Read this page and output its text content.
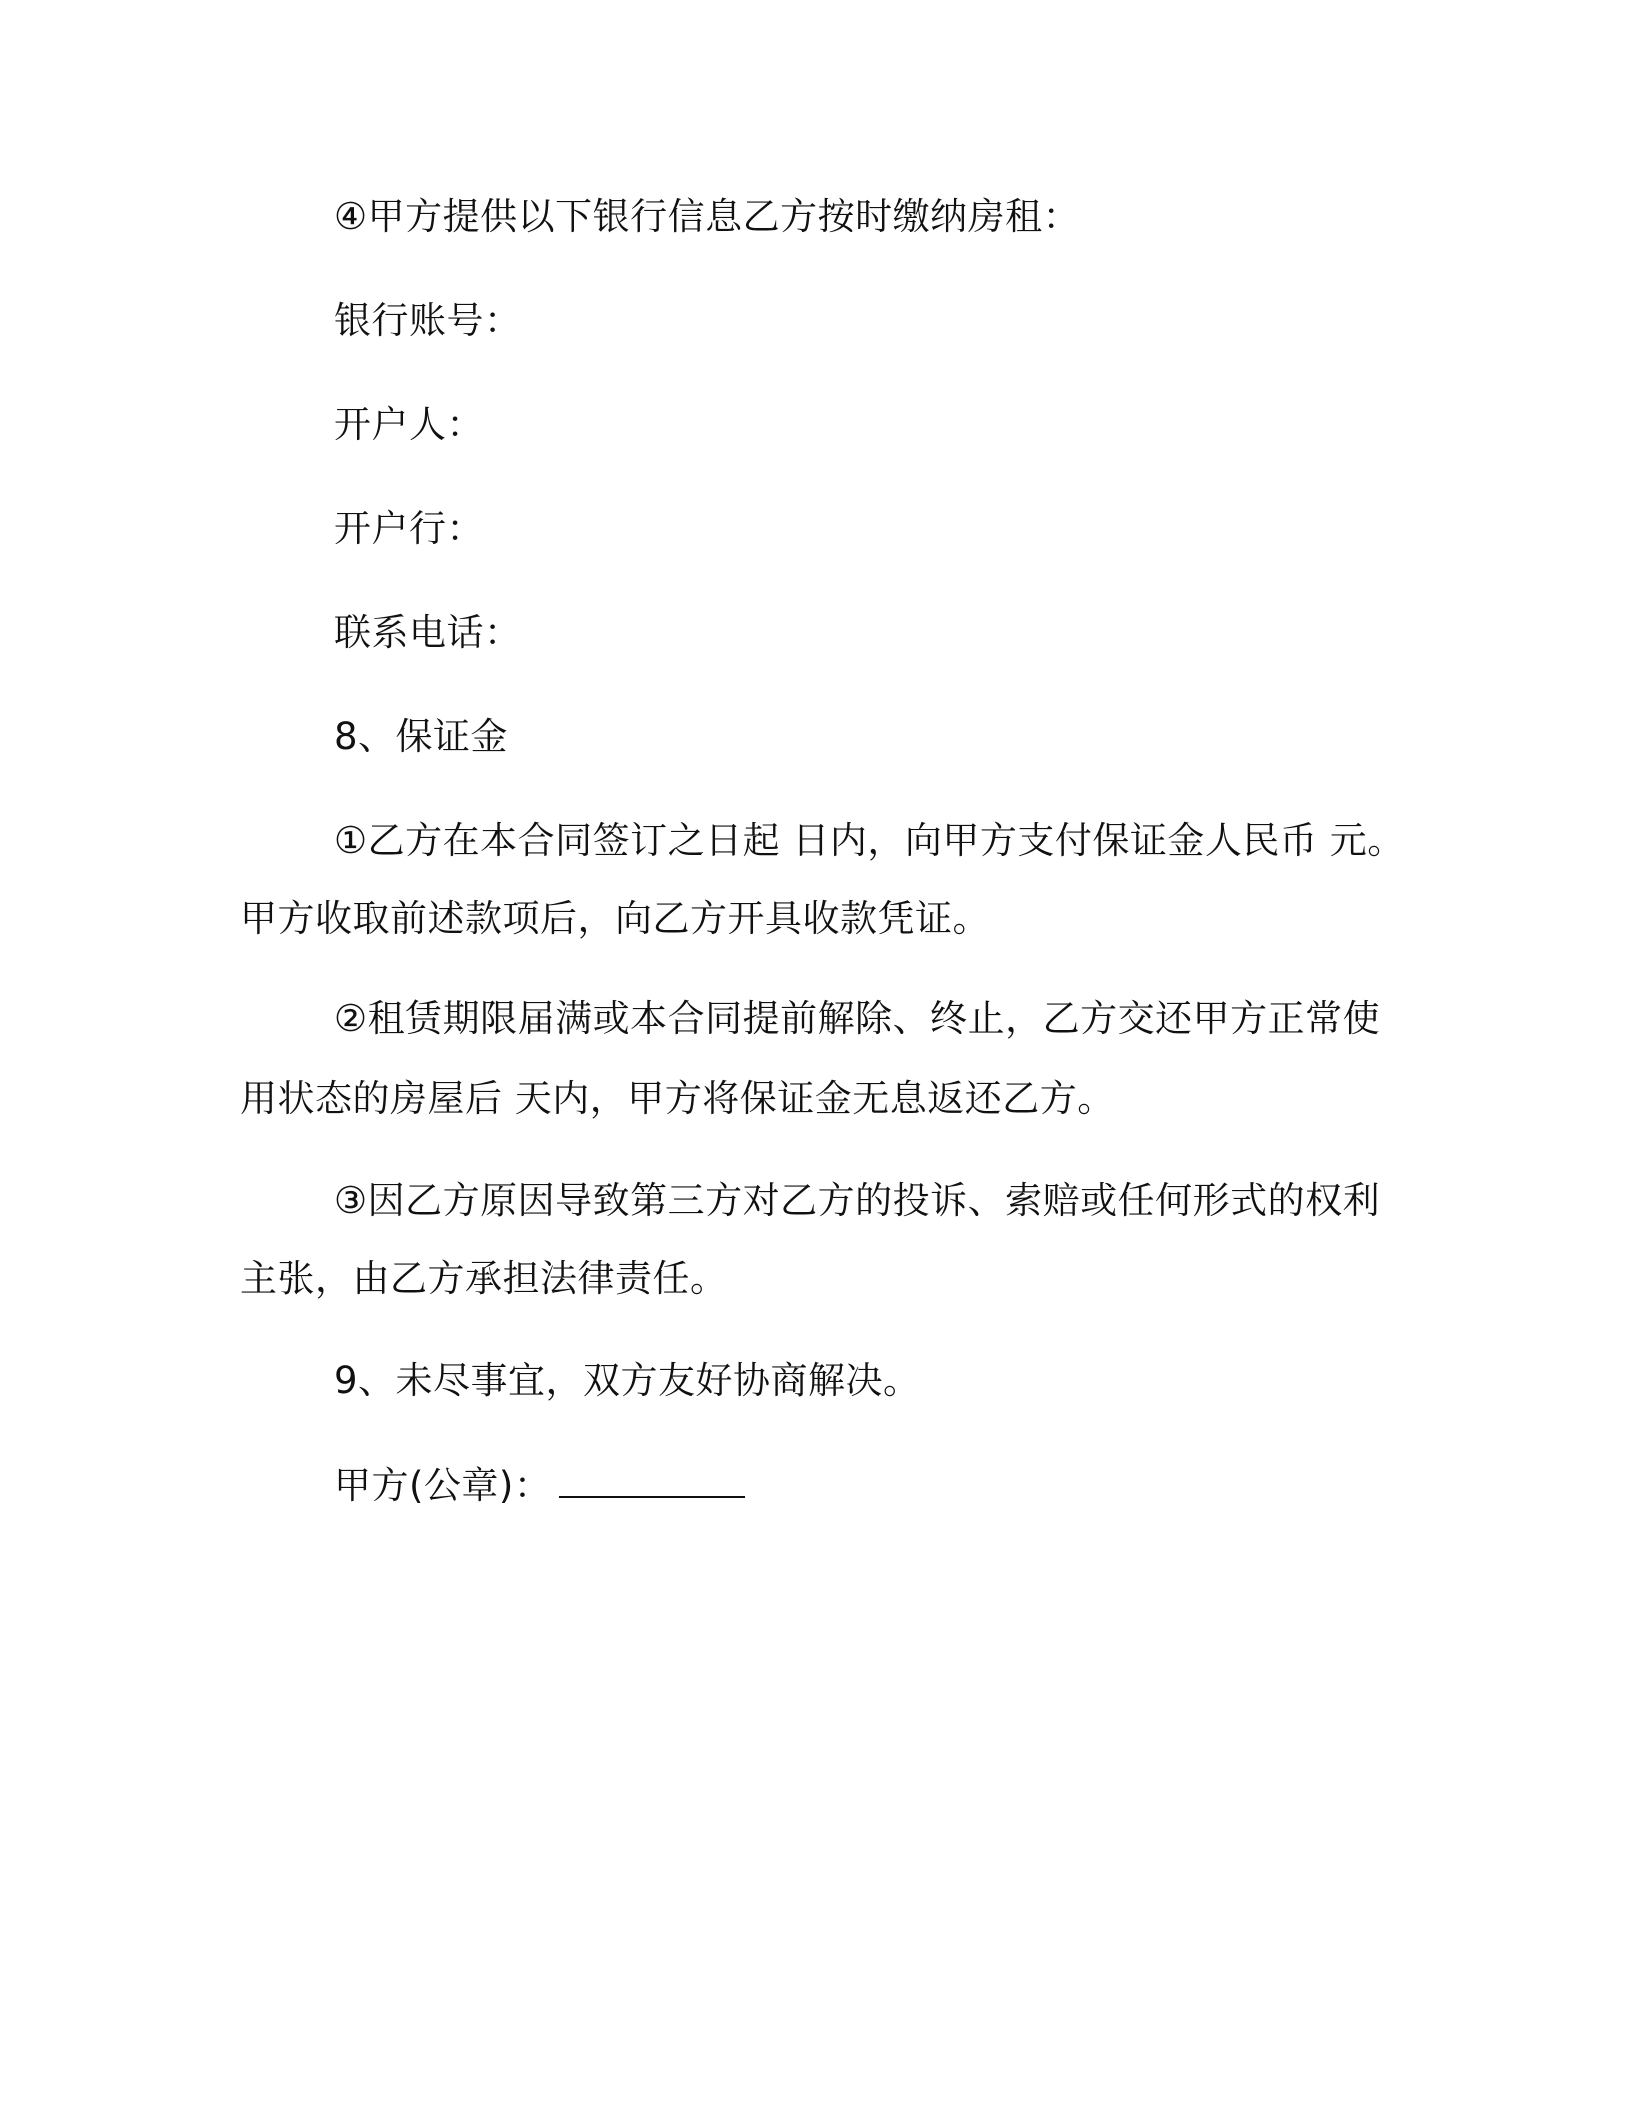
④甲方提供以下银行信息乙方按时缴纳房租：
银行账号：
开户人：
开户行：
联系电话：
8、保证金
①乙方在本合同签订之日起 日内，向甲方支付保证金人民币 元。
甲方收取前述款项后，向乙方开具收款凭证。
②租赁期限届满或本合同提前解除、终止，乙方交还甲方正常使
用状态的房屋后 天内，甲方将保证金无息返还乙方。
③因乙方原因导致第三方对乙方的投诉、索赔或任何形式的权利
主张，由乙方承担法律责任。
9、未尽事宜，双方友好协商解决。
甲方(公章)：
